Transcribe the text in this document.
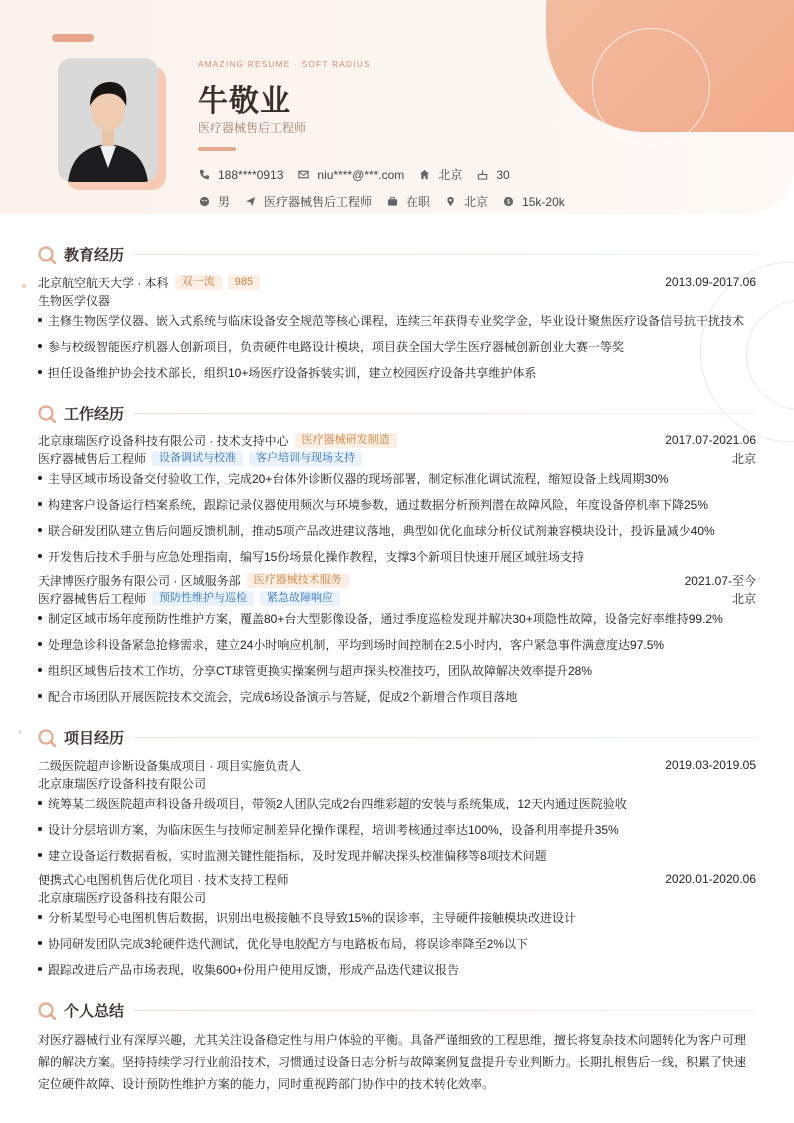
AMAZING RESUME · SOFT RADIUS
牛敬业
医疗器械售后工程师
188****0913	niu****@***.com	北京	30
男	医疗器械售后工程师	在职	北京	$ 15k-20k
教育经历
北京航空航天大学 · 本科	双一流	985	2013.09-2017.06
生物医学仪器
主修生物医学仪器、嵌入式系统与临床设备安全规范等核心课程，连续三年获得专业奖学金，毕业设计聚焦医疗设备信号抗干扰技术
参与校级智能医疗机器人创新项目，负责硬件电路设计模块，项目获全国大学生医疗器械创新创业大赛一等奖
担任设备维护协会技术部长，组织10+场医疗设备拆装实训，建立校园医疗设备共享维护体系
工作经历
北京康瑞医疗设备科技有限公司 · 技术支持中心	医疗器械研发制造	2017.07-2021.06
医疗器械售后工程师	设备调试与校准	客户培训与现场支持	北京
主导区域市场设备交付验收工作，完成20+台体外诊断仪器的现场部署，制定标准化调试流程，缩短设备上线周期30%
构建客户设备运行档案系统，跟踪记录仪器使用频次与环境参数，通过数据分析预判潜在故障风险，年度设备停机率下降25%
联合研发团队建立售后问题反馈机制，推动5项产品改进建议落地，典型如优化血球分析仪试剂兼容模块设计，投诉量减少40%
开发售后技术手册与应急处理指南，编写15份场景化操作教程，支撑3个新项目快速开展区域驻场支持
天津博医疗服务有限公司 · 区域服务部	医疗器械技术服务	2021.07-至今
医疗器械售后工程师	预防性维护与巡检	紧急故障响应	北京
制定区域市场年度预防性维护方案，覆盖80+台大型影像设备，通过季度巡检发现并解决30+项隐性故障，设备完好率维持99.2%
处理急诊科设备紧急抢修需求，建立24小时响应机制，平均到场时间控制在2.5小时内，客户紧急事件满意度达97.5%
组织区域售后技术工作坊，分享CT球管更换实操案例与超声探头校准技巧，团队故障解决效率提升28%
配合市场团队开展医院技术交流会，完成6场设备演示与答疑，促成2个新增合作项目落地
项目经历
二级医院超声诊断设备集成项目 · 项目实施负责人	2019.03-2019.05
北京康瑞医疗设备科技有限公司
统筹某二级医院超声科设备升级项目，带领2人团队完成2台四维彩超的安装与系统集成，12天内通过医院验收
设计分层培训方案，为临床医生与技师定制差异化操作课程，培训考核通过率达100%，设备利用率提升35%
建立设备运行数据看板，实时监测关键性能指标，及时发现并解决探头校准偏移等8项技术问题
便携式心电图机售后优化项目 · 技术支持工程师	2020.01-2020.06
北京康瑞医疗设备科技有限公司
分析某型号心电图机售后数据，识别出电极接触不良导致15%的误诊率，主导硬件接触模块改进设计
协同研发团队完成3轮硬件迭代测试，优化导电胶配方与电路板布局，将误诊率降至2%以下
跟踪改进后产品市场表现，收集600+份用户使用反馈，形成产品迭代建议报告
个人总结
对医疗器械行业有深厚兴趣，尤其关注设备稳定性与用户体验的平衡。具备严谨细致的工程思维，擅长将复杂技术问题转化为客户可理解的解决方案。坚持持续学习行业前沿技术，习惯通过设备日志分析与故障案例复盘提升专业判断力。长期扎根售后一线，积累了快速定位硬件故障、设计预防性维护方案的能力，同时重视跨部门协作中的技术转化效率。
